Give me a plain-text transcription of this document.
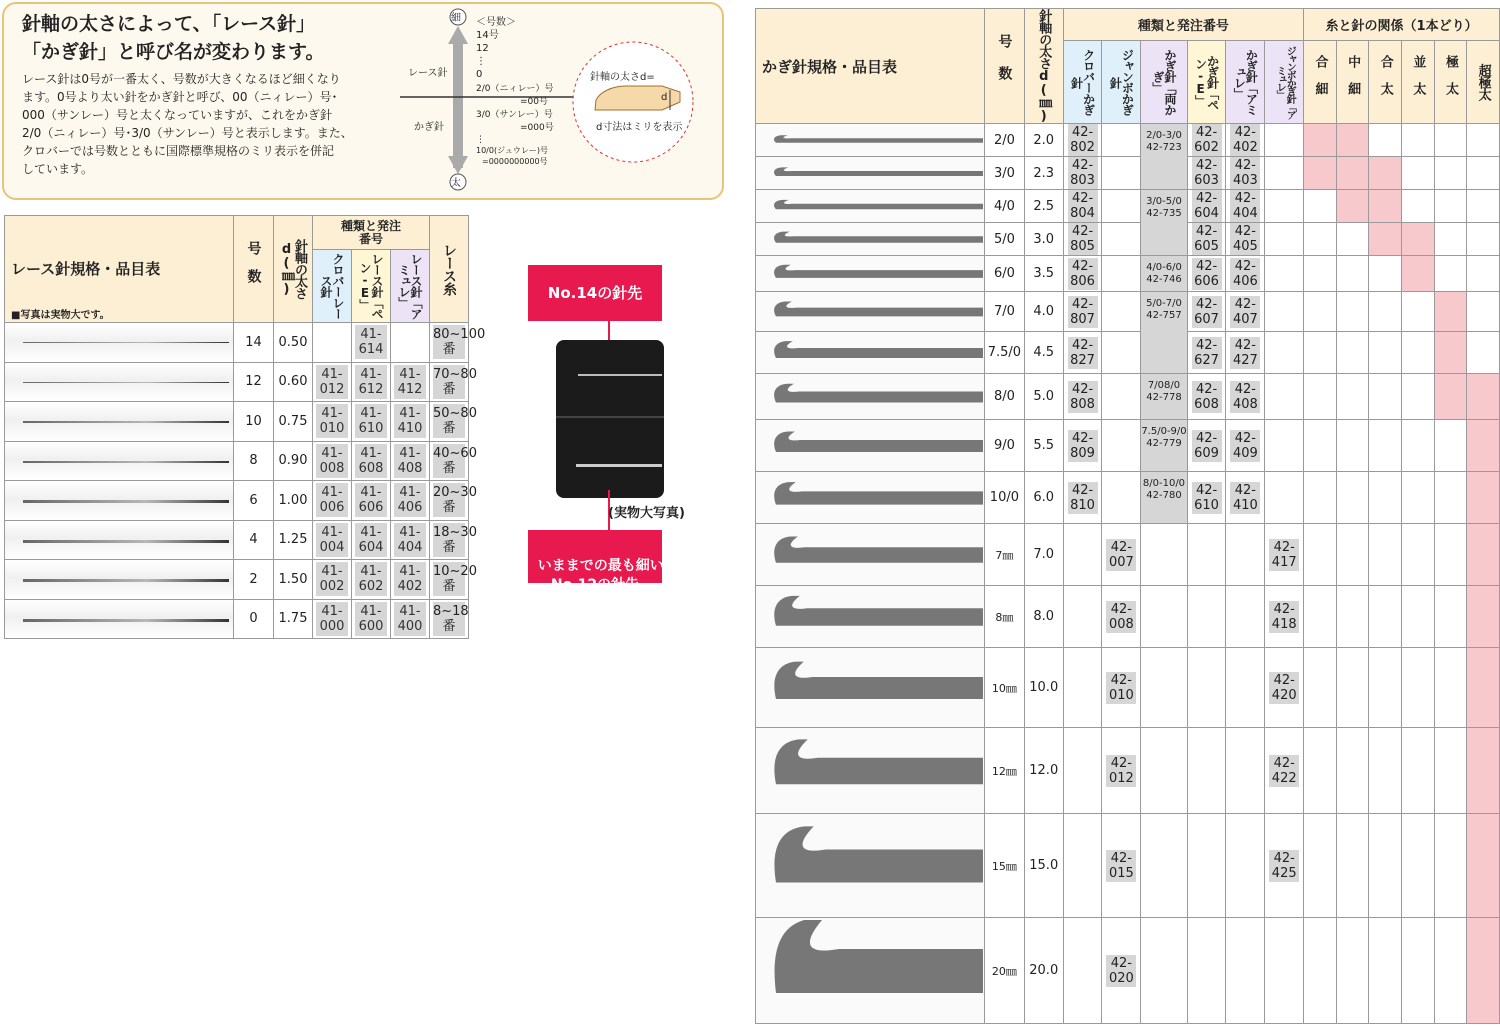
針軸の太さによって、「レース針」
「かぎ針」と呼び名が変わります。
レース針は0号が一番太く、号数が大きくなるほど細くなり
ます。0号より太い針をかぎ針と呼び、00（ニィレー）号･
000（サンレー）号と太くなっていますが、これをかぎ針
2/0（ニィレー）号･3/0（サンレー）号と表示します。また、
クロバーでは号数とともに国際標準規格のミリ表示を併記
しています。
細
太
レース針
かぎ針
＜号数＞
14号
12
⋮
0
2/0（ニィレー）号
=00号
3/0（サンレー）号
=000号
⋮
10/0(ジュウレー)号
=0000000000号
針軸の太さd=
d
d寸法はミリを表示
レース針規格・品目表
■写真は実物大です。	号数	針軸の太さd(㎜)	種類と発注番号			レース糸

			クロバーレース針	レース針「ペン-E」	レース針「アミュレ」	

	14	0.50		41-614		80~100番

	12	0.60	41-012	41-612	41-412	70~80番

	10	0.75	41-010	41-610	41-410	50~80番

	8	0.90	41-008	41-608	41-408	40~60番

	6	1.00	41-006	41-606	41-406	20~30番

	4	1.25	41-004	41-604	41-404	18~30番

	2	1.50	41-002	41-602	41-402	10~20番

	0	1.75	41-000	41-600	41-400	8~18番
No.14の針先
(実物大写真)

いままでの最も細い
No.12の針先

かぎ針規格・品目表	号数	針軸の太さd(㎜)	種類と発注番号						糸と針の関係（1本どり）					

			クロバーかぎ針	ジャンボかぎ針	かぎ針「両かぎ」	かぎ針「ペン-E」	かぎ針「アミュレ」	ジャンボかぎ針「アミュレ」	合細	中細	合太	並太	極太	超極太

	2/0	2.0	42-802		2/0-3/0
42-723	42-602	42-402							

	3/0	2.3	42-803			42-603	42-403							

	4/0	2.5	42-804		3/0-5/0
42-735	42-604	42-404							

	5/0	3.0	42-805			42-605	42-405							

	6/0	3.5	42-806		4/0-6/0
42-746	42-606	42-406							

	7/0	4.0	42-807		5/0-7/0
42-757	42-607	42-407							

	7.5/0	4.5	42-827			42-627	42-427							

	8/0	5.0	42-808		7/08/0
42-778	42-608	42-408							

	9/0	5.5	42-809		7.5/0-9/0
42-779	42-609	42-409							

	10/0	6.0	42-810		8/0-10/0
42-780	42-610	42-410							

	7㎜	7.0		42-007				42-417						

	8㎜	8.0		42-008				42-418						

	10㎜	10.0		42-010				42-420						

	12㎜	12.0		42-012				42-422						

	15㎜	15.0		42-015				42-425						

	20㎜	20.0		42-020										
